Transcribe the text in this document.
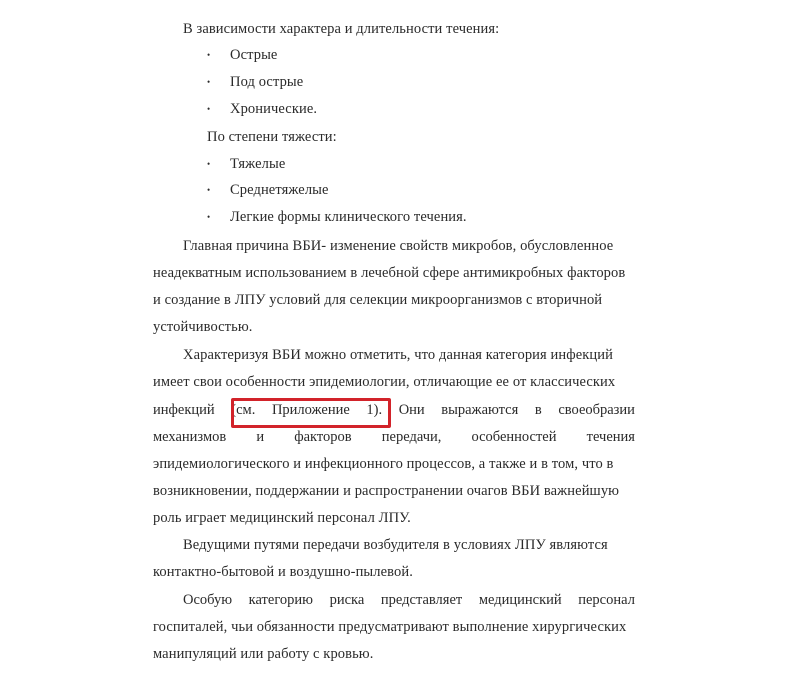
В зависимости характера и длительности течения:
• Острые
• Под острые
• Хронические.
По степени тяжести:
• Тяжелые
• Среднетяжелые
• Легкие формы клинического течения.
Главная причина ВБИ- изменение свойств микробов, обусловленное
неадекватным использованием в лечебной сфере антимикробных факторов
и создание в ЛПУ условий для селекции микроорганизмов с вторичной
устойчивостью.
Характеризуя ВБИ можно отметить, что данная категория инфекций
имеет свои особенности эпидемиологии, отличающие ее от классических
инфекций (см. Приложение 1). Они выражаются в своеобразии
механизмов и факторов передачи, особенностей течения
эпидемиологического и инфекционного процессов, а также и в том, что в
возникновении, поддержании и распространении очагов ВБИ важнейшую
роль играет медицинский персонал ЛПУ.
Ведущими путями передачи возбудителя в условиях ЛПУ являются
контактно-бытовой и воздушно-пылевой.
Особую категорию риска представляет медицинский персонал
госпиталей, чьи обязанности предусматривают выполнение хирургических
манипуляций или работу с кровью.
